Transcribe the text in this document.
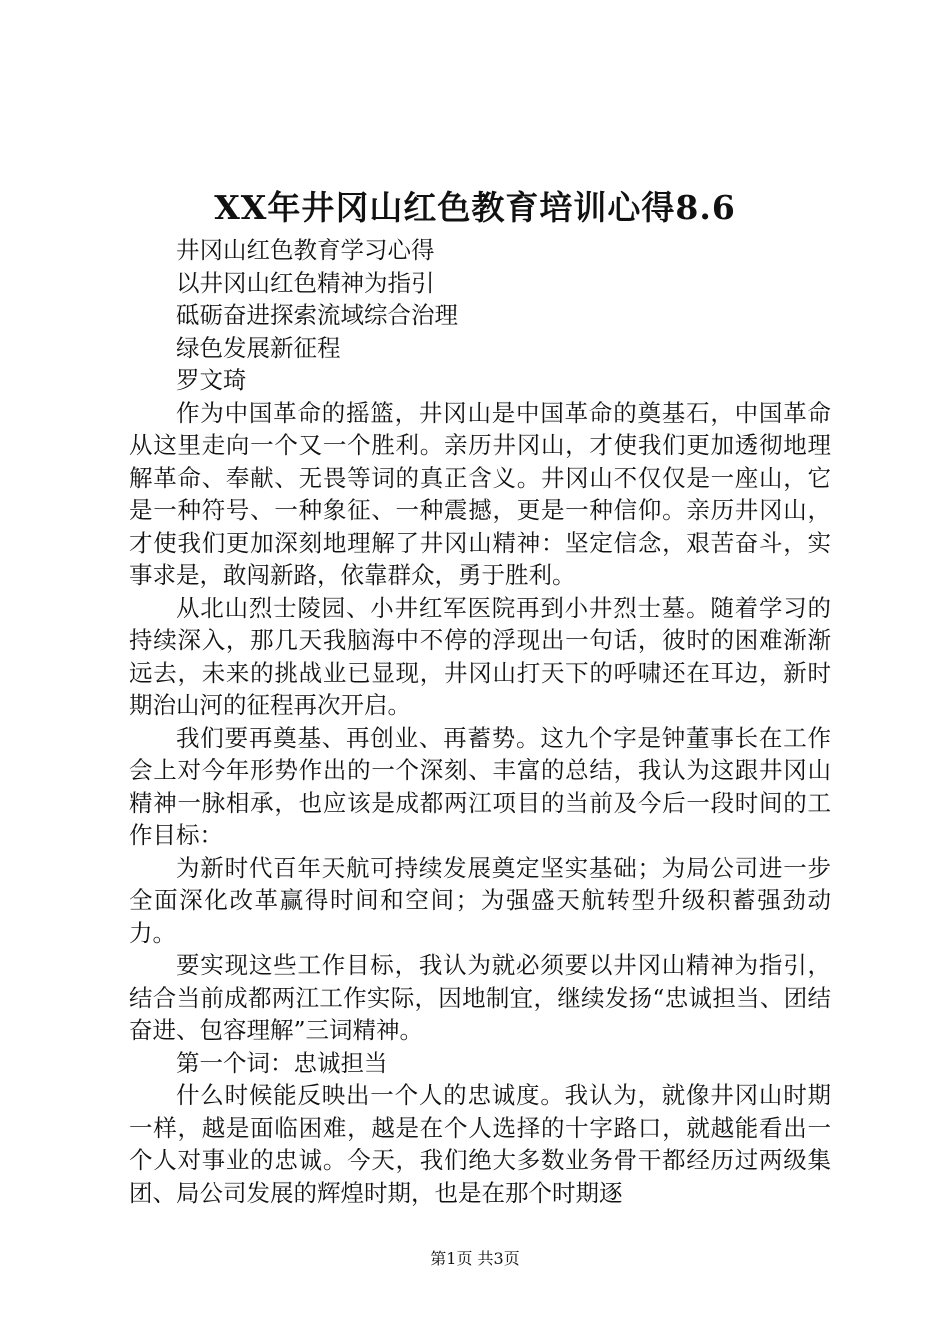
XX年井冈山红色教育培训心得8.6

井冈山红色教育学习心得

以井冈山红色精神为指引

砥砺奋进探索流域综合治理

绿色发展新征程

罗文琦

作为中国革命的摇篮，井冈山是中国革命的奠基石，中国革命从这里走向一个又一个胜利。亲历井冈山，才使我们更加透彻地理解革命、奉献、无畏等词的真正含义。井冈山不仅仅是一座山，它是一种符号、一种象征、一种震撼，更是一种信仰。亲历井冈山，才使我们更加深刻地理解了井冈山精神：坚定信念，艰苦奋斗，实事求是，敢闯新路，依靠群众，勇于胜利。

从北山烈士陵园、小井红军医院再到小井烈士墓。随着学习的持续深入，那几天我脑海中不停的浮现出一句话，彼时的困难渐渐远去，未来的挑战业已显现，井冈山打天下的呼啸还在耳边，新时期治山河的征程再次开启。

我们要再奠基、再创业、再蓄势。这九个字是钟董事长在工作会上对今年形势作出的一个深刻、丰富的总结，我认为这跟井冈山精神一脉相承，也应该是成都两江项目的当前及今后一段时间的工作目标：

为新时代百年天航可持续发展奠定坚实基础；为局公司进一步全面深化改革赢得时间和空间；为强盛天航转型升级积蓄强劲动力。

要实现这些工作目标，我认为就必须要以井冈山精神为指引，结合当前成都两江工作实际，因地制宜，继续发扬“忠诚担当、团结奋进、包容理解”三词精神。

第一个词：忠诚担当

什么时候能反映出一个人的忠诚度。我认为，就像井冈山时期一样，越是面临困难，越是在个人选择的十字路口，就越能看出一个人对事业的忠诚。今天，我们绝大多数业务骨干都经历过两级集团、局公司发展的辉煌时期，也是在那个时期逐

第1页 共3页
